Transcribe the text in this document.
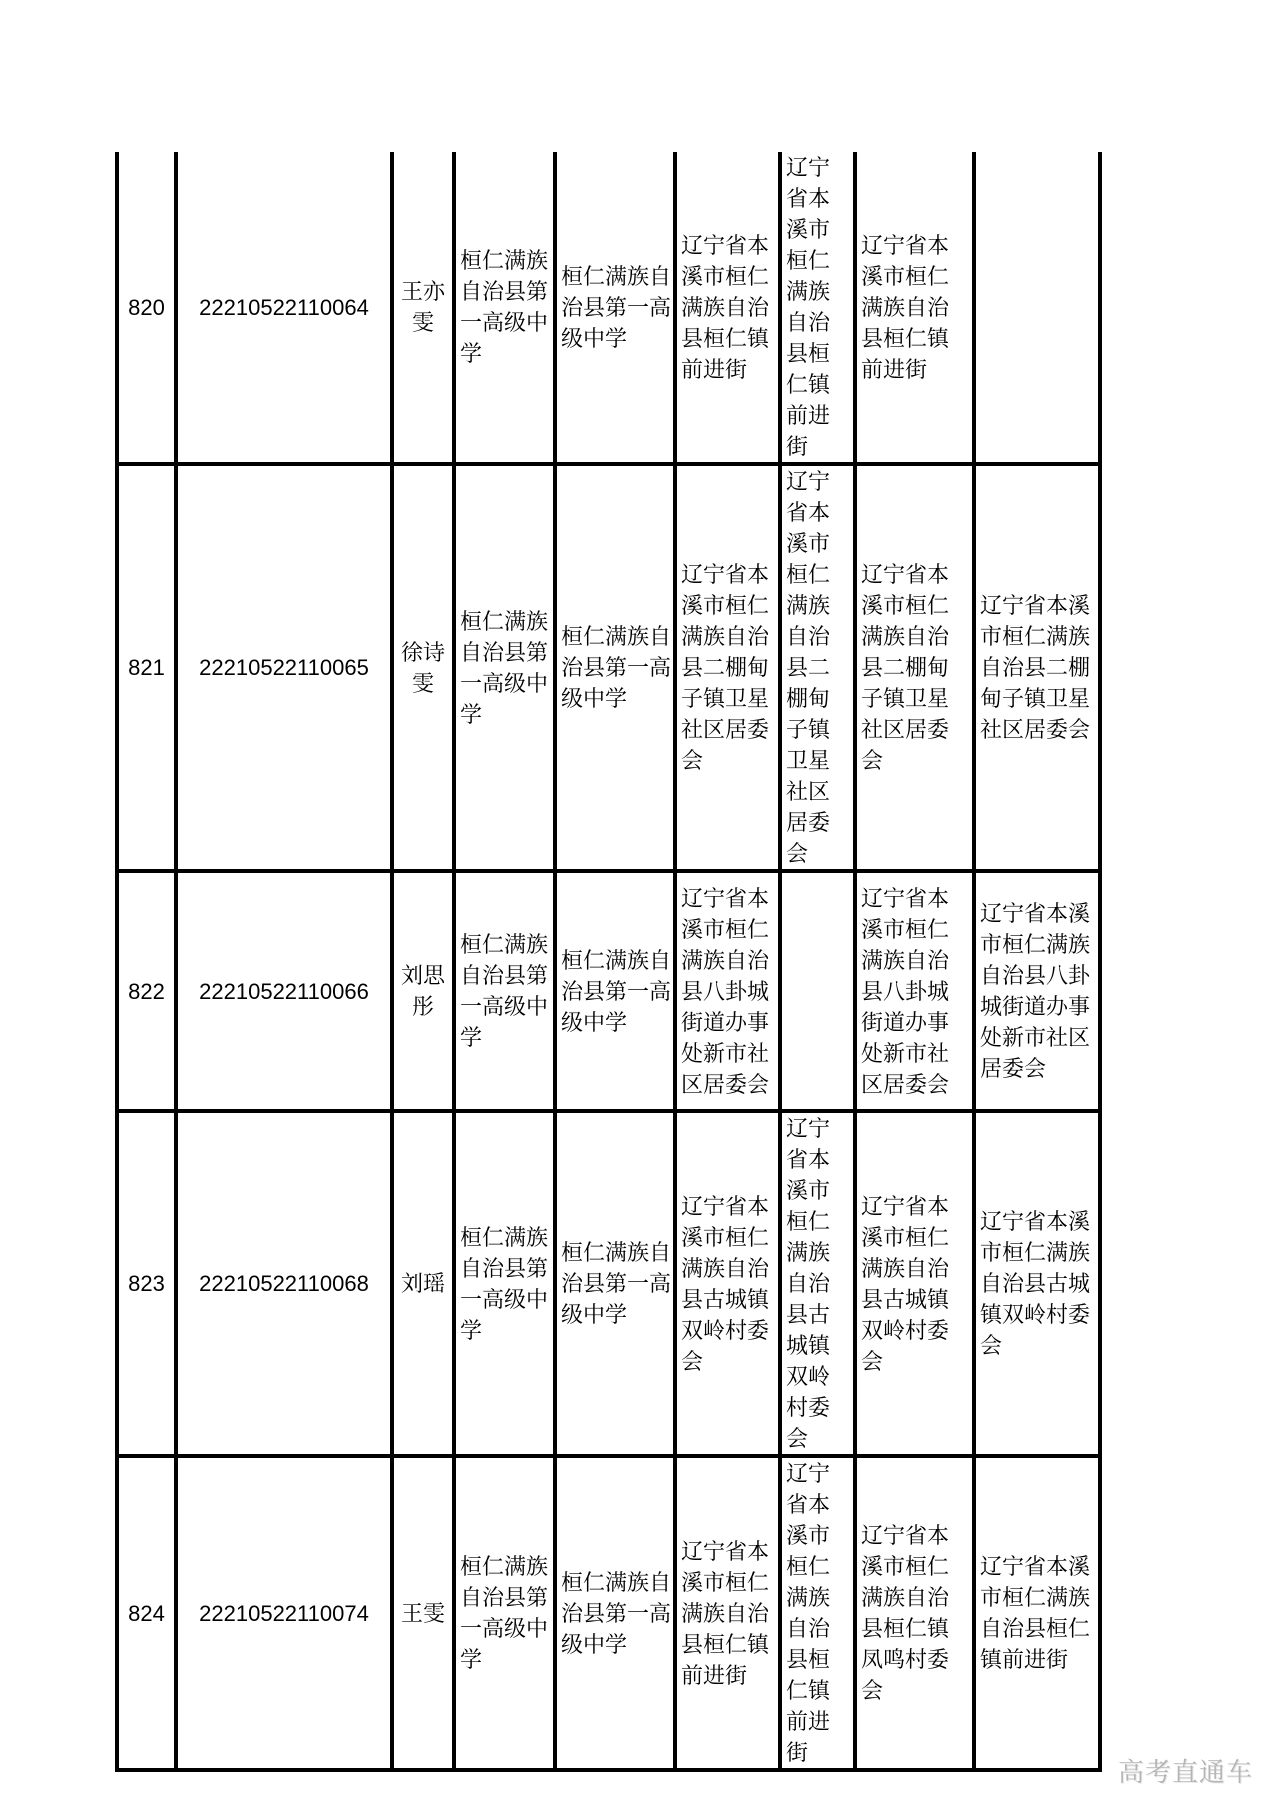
820	22210522110064	王亦雯	桓仁满族自治县第一高级中学	桓仁满族自治县第一高级中学	辽宁省本溪市桓仁满族自治县桓仁镇前进街	辽宁省本溪市桓仁满族自治县桓仁镇前进街	辽宁省本溪市桓仁满族自治县桓仁镇前进街	
821	22210522110065	徐诗雯	桓仁满族自治县第一高级中学	桓仁满族自治县第一高级中学	辽宁省本溪市桓仁满族自治县二棚甸子镇卫星社区居委会	辽宁省本溪市桓仁满族自治县二棚甸子镇卫星社区居委会	辽宁省本溪市桓仁满族自治县二棚甸子镇卫星社区居委会	辽宁省本溪市桓仁满族自治县二棚甸子镇卫星社区居委会
822	22210522110066	刘思彤	桓仁满族自治县第一高级中学	桓仁满族自治县第一高级中学	辽宁省本溪市桓仁满族自治县八卦城街道办事处新市社区居委会		辽宁省本溪市桓仁满族自治县八卦城街道办事处新市社区居委会	辽宁省本溪市桓仁满族自治县八卦城街道办事处新市社区居委会
823	22210522110068	刘瑶	桓仁满族自治县第一高级中学	桓仁满族自治县第一高级中学	辽宁省本溪市桓仁满族自治县古城镇双岭村委会	辽宁省本溪市桓仁满族自治县古城镇双岭村委会	辽宁省本溪市桓仁满族自治县古城镇双岭村委会	辽宁省本溪市桓仁满族自治县古城镇双岭村委会
824	22210522110074	王雯	桓仁满族自治县第一高级中学	桓仁满族自治县第一高级中学	辽宁省本溪市桓仁满族自治县桓仁镇前进街	辽宁省本溪市桓仁满族自治县桓仁镇前进街	辽宁省本溪市桓仁满族自治县桓仁镇凤鸣村委会	辽宁省本溪市桓仁满族自治县桓仁镇前进街
高考直通车
